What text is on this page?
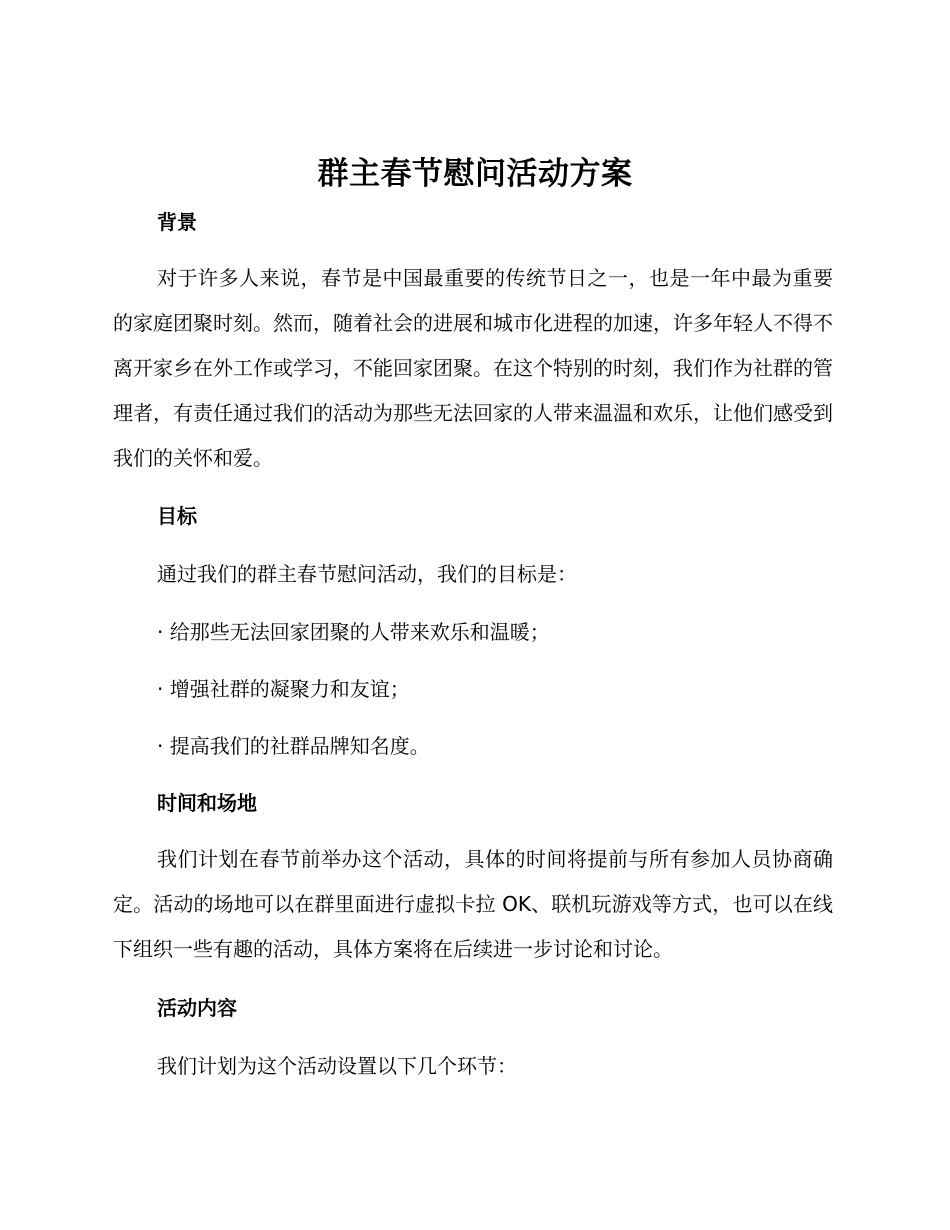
群主春节慰问活动方案
背景

对于许多人来说，春节是中国最重要的传统节日之一，也是一年中最为重要的家庭团聚时刻。然而，随着社会的进展和城市化进程的加速，许多年轻人不得不离开家乡在外工作或学习，不能回家团聚。在这个特别的时刻，我们作为社群的管理者，有责任通过我们的活动为那些无法回家的人带来温温和欢乐，让他们感受到我们的关怀和爱。

目标
通过我们的群主春节慰问活动，我们的目标是：
· 给那些无法回家团聚的人带来欢乐和温暖；
· 增强社群的凝聚力和友谊；
· 提高我们的社群品牌知名度。
时间和场地

我们计划在春节前举办这个活动，具体的时间将提前与所有参加人员协商确定。活动的场地可以在群里面进行虚拟卡拉 OK、联机玩游戏等方式，也可以在线下组织一些有趣的活动，具体方案将在后续进一步讨论和讨论。

活动内容
我们计划为这个活动设置以下几个环节：
